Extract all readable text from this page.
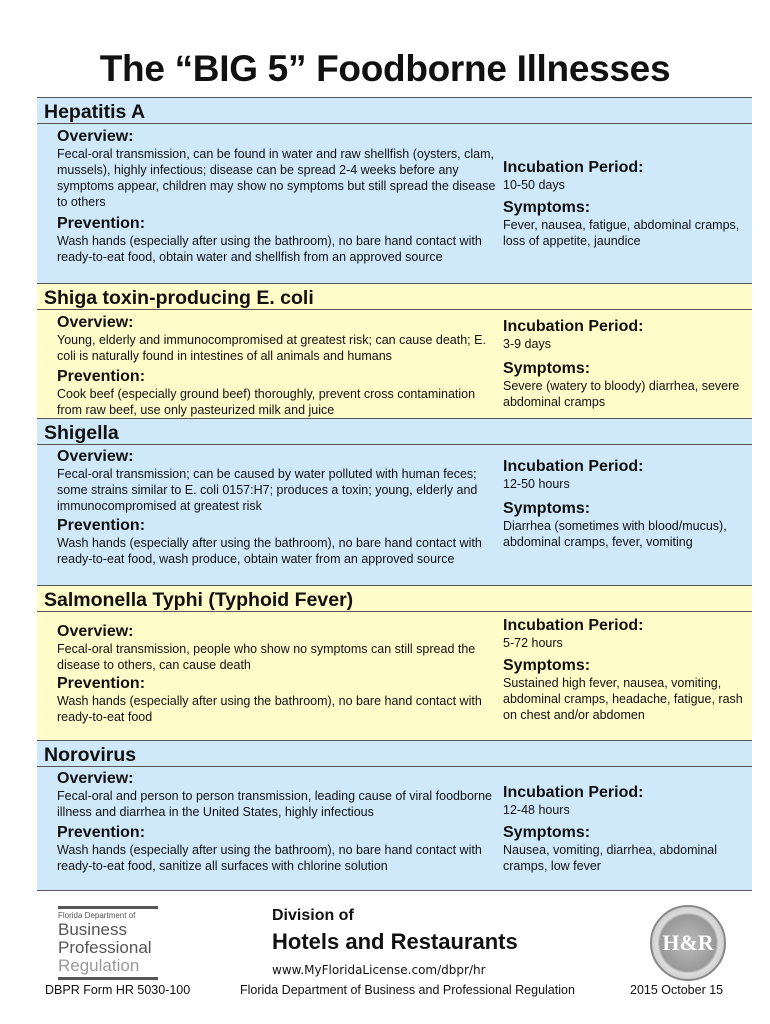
The “BIG 5” Foodborne Illnesses
Hepatitis A
Overview:
Fecal-oral transmission, can be found in water and raw shellfish (oysters, clam, mussels), highly infectious; disease can be spread 2-4 weeks before any symptoms appear, children may show no symptoms but still spread the disease to others
Prevention:
Wash hands (especially after using the bathroom), no bare hand contact with ready-to-eat food, obtain water and shellfish from an approved source
Incubation Period:
10-50 days
Symptoms:
Fever, nausea, fatigue, abdominal cramps, loss of appetite, jaundice
Shiga toxin-producing E. coli
Overview:
Young, elderly and immunocompromised at greatest risk; can cause death; E. coli is naturally found in intestines of all animals and humans
Prevention:
Cook beef (especially ground beef) thoroughly, prevent cross contamination from raw beef, use only pasteurized milk and juice
Incubation Period:
3-9 days
Symptoms:
Severe (watery to bloody) diarrhea, severe abdominal cramps
Shigella
Overview:
Fecal-oral transmission; can be caused by water polluted with human feces; some strains similar to E. coli 0157:H7; produces a toxin; young, elderly and immunocompromised at greatest risk
Prevention:
Wash hands (especially after using the bathroom), no bare hand contact with ready-to-eat food, wash produce, obtain water from an approved source
Incubation Period:
12-50 hours
Symptoms:
Diarrhea (sometimes with blood/mucus), abdominal cramps, fever, vomiting
Salmonella Typhi (Typhoid Fever)
Overview:
Fecal-oral transmission, people who show no symptoms can still spread the disease to others, can cause death
Prevention:
Wash hands (especially after using the bathroom), no bare hand contact with ready-to-eat food
Incubation Period:
5-72 hours
Symptoms:
Sustained high fever, nausea, vomiting, abdominal cramps, headache, fatigue, rash on chest and/or abdomen
Norovirus
Overview:
Fecal-oral and person to person transmission, leading cause of viral foodborne illness and diarrhea in the United States, highly infectious
Prevention:
Wash hands (especially after using the bathroom), no bare hand contact with ready-to-eat food, sanitize all surfaces with chlorine solution
Incubation Period:
12-48 hours
Symptoms:
Nausea, vomiting, diarrhea, abdominal cramps, low fever
Florida Department of
Business
Professional
Regulation
Division of
Hotels and Restaurants
www.MyFloridaLicense.com/dbpr/hr
H&R
DBPR Form HR 5030-100	Florida Department of Business and Professional Regulation	2015 October 15
